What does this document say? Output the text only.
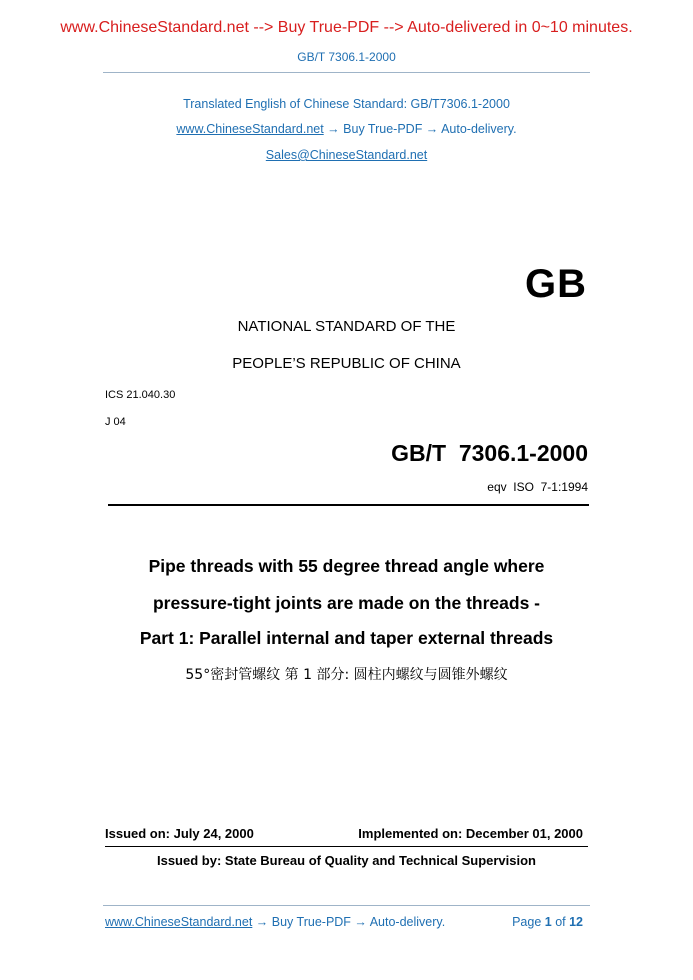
www.ChineseStandard.net --> Buy True-PDF --> Auto-delivered in 0~10 minutes.
GB/T 7306.1-2000
Translated English of Chinese Standard: GB/T7306.1-2000
www.ChineseStandard.net → Buy True-PDF → Auto-delivery.
Sales@ChineseStandard.net
GB
NATIONAL STANDARD OF THE
PEOPLE’S REPUBLIC OF CHINA
ICS 21.040.30
J 04
GB/T  7306.1-2000
eqv  ISO  7-1:1994
Pipe threads with 55 degree thread angle where
pressure-tight joints are made on the threads -
Part 1: Parallel internal and taper external threads
55°密封管螺纹 第 1 部分: 圆柱内螺纹与圆锥外螺纹
Issued on: July 24, 2000	Implemented on: December 01, 2000
Issued by: State Bureau of Quality and Technical Supervision
www.ChineseStandard.net → Buy True-PDF → Auto-delivery.	Page 1 of 12
